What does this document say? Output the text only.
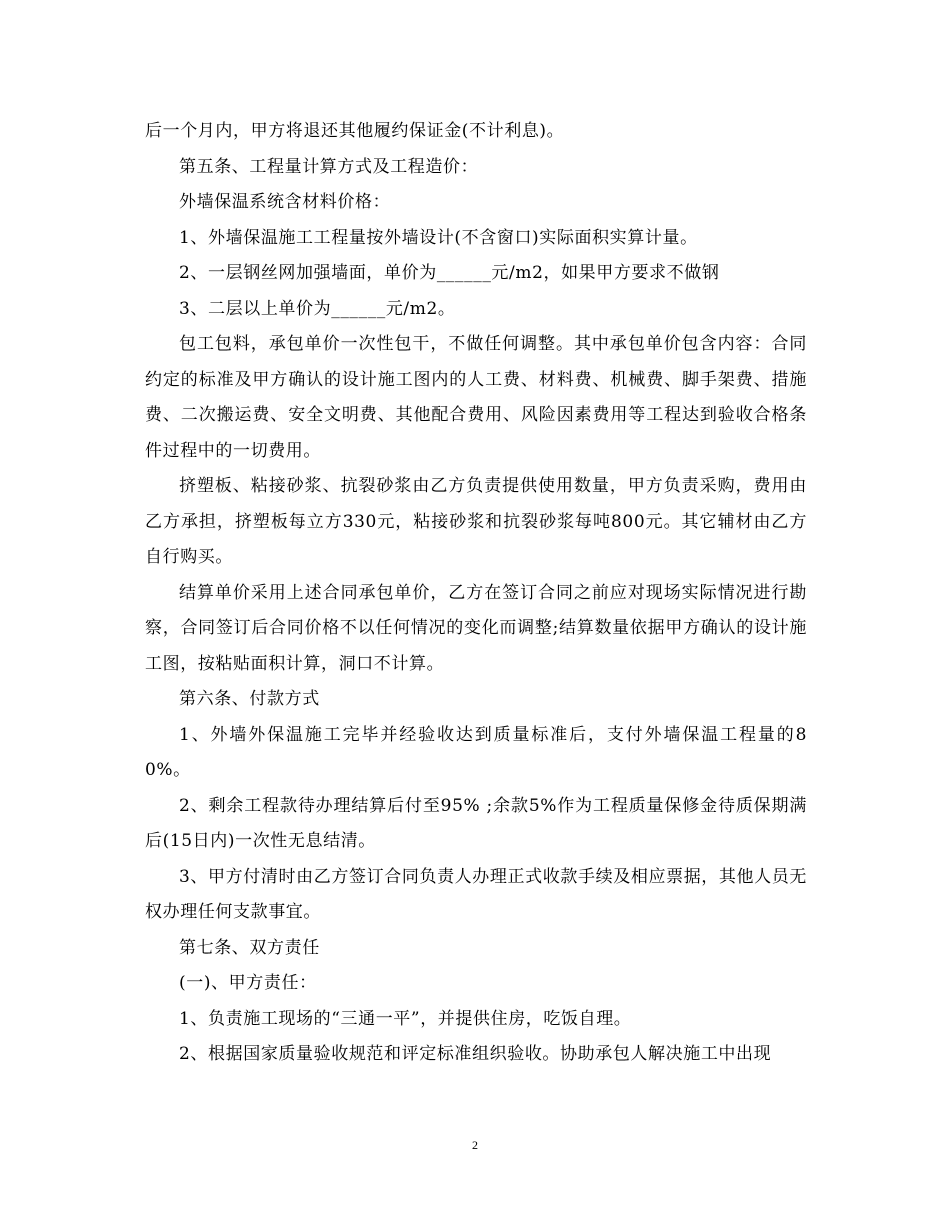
后一个月内，甲方将退还其他履约保证金(不计利息)。

第五条、工程量计算方式及工程造价：

外墙保温系统含材料价格：

1、外墙保温施工工程量按外墙设计(不含窗口)实际面积实算计量。

2、一层钢丝网加强墙面，单价为______元/m2，如果甲方要求不做钢

3、二层以上单价为______元/m2。

包工包料，承包单价一次性包干，不做任何调整。其中承包单价包含内容：合同约定的标准及甲方确认的设计施工图内的人工费、材料费、机械费、脚手架费、措施费、二次搬运费、安全文明费、其他配合费用、风险因素费用等工程达到验收合格条件过程中的一切费用。

挤塑板、粘接砂浆、抗裂砂浆由乙方负责提供使用数量，甲方负责采购，费用由乙方承担，挤塑板每立方330元，粘接砂浆和抗裂砂浆每吨800元。其它辅材由乙方自行购买。

结算单价采用上述合同承包单价，乙方在签订合同之前应对现场实际情况进行勘察，合同签订后合同价格不以任何情况的变化而调整;结算数量依据甲方确认的设计施工图，按粘贴面积计算，洞口不计算。

第六条、付款方式

1、外墙外保温施工完毕并经验收达到质量标准后，支付外墙保温工程量的80%。

2、剩余工程款待办理结算后付至95% ;余款5%作为工程质量保修金待质保期满后(15日内)一次性无息结清。

3、甲方付清时由乙方签订合同负责人办理正式收款手续及相应票据，其他人员无权办理任何支款事宜。

第七条、双方责任

(一)、甲方责任：

1、负责施工现场的“三通一平”，并提供住房，吃饭自理。

2、根据国家质量验收规范和评定标准组织验收。协助承包人解决施工中出现

2
